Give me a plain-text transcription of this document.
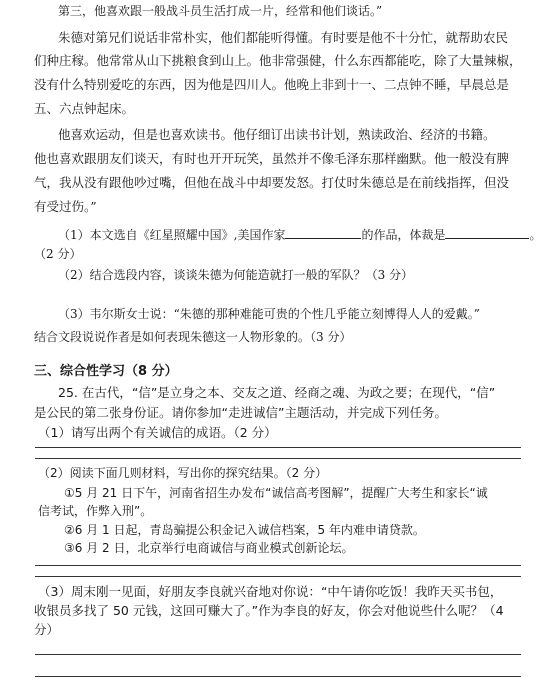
第三，他喜欢跟一般战斗员生活打成一片，经常和他们谈话。”
朱德对第兄们说话非常朴实，他们都能听得懂。有时要是他不十分忙，就帮助农民
们种庄稼。他常常从山下挑粮食到山上。他非常强健，什么东西都能吃，除了大量辣椒，
没有什么特别爱吃的东西，因为他是四川人。他晚上非到十一、二点钟不睡，早晨总是
五、六点钟起床。
他喜欢运动，但是也喜欢读书。他仔细订出读书计划，熟读政治、经济的书籍。
他也喜欢跟朋友们谈天，有时也开开玩笑，虽然并不像毛泽东那样幽默。他一般没有脾
气，我从没有跟他吵过嘴，但他在战斗中却要发怒。打仗时朱德总是在前线指挥，但没
有受过伤。”
（1）本文选自《红星照耀中国》,美国作家	的作品，体裁是	。
（2 分）
（2）结合选段内容，谈谈朱德为何能造就打一般的军队？（3 分）
（3）韦尔斯女士说：“朱德的那种难能可贵的个性几乎能立刻博得人人的爱戴。”
结合文段说说作者是如何表现朱德这一人物形象的。（3 分）
三、综合性学习（8 分）
25. 在古代，“信”是立身之本、交友之道、经商之魂、为政之要；在现代，“信”
是公民的第二张身份证。请你参加“走进诚信”主题活动，并完成下列任务。
（1）请写出两个有关诚信的成语。（2 分）
（2）阅读下面几则材料，写出你的探究结果。（2 分）
①5 月 21 日下午，河南省招生办发布“诚信高考图解”，提醒广大考生和家长“诚
信考试，作弊入刑”。
②6 月 1 日起，青岛骗提公积金记入诚信档案，5 年内难申请贷款。
③6 月 2 日，北京举行电商诚信与商业模式创新论坛。
（3）周末刚一见面，好朋友李良就兴奋地对你说：“中午请你吃饭！我昨天买书包，
收银员多找了 50 元钱，这回可赚大了。”作为李良的好友，你会对他说些什么呢？（4
分）
